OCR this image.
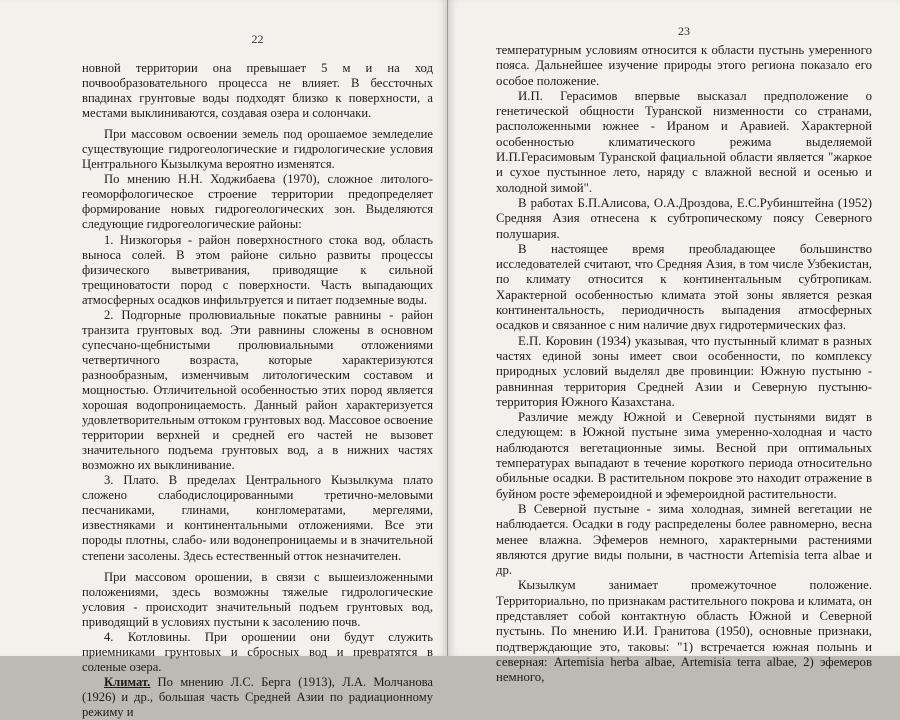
22

новной территории она превышает 5 м и на ход почвообразовательного процесса не влияет. В бессточных впадинах грунтовые воды подходят близко к поверхности, а местами выклиниваются, создавая озера и солончаки.

При массовом освоении земель под орошаемое земледелие существующие гидрогеологические и гидрологические условия Центрального Кызылкума вероятно изменятся.

По мнению Н.Н. Ходжибаева (1970), сложное литолого-геоморфологическое строение территории предопределяет формирование новых гидрогеологических зон. Выделяются следующие гидрогеологические районы:

1. Низкогорья - район поверхностного стока вод, область выноса солей. В этом районе сильно развиты процессы физического выветривания, приводящие к сильной трещиноватости пород с поверхности. Часть выпадающих атмосферных осадков инфильтруется и питает подземные воды.

2. Подгорные пролювиальные покатые равнины - район транзита грунтовых вод. Эти равнины сложены в основном супесчано-щебнистыми пролювиальными отложениями четвертичного возраста, которые характеризуются разнообразным, изменчивым литологическим составом и мощностью. Отличительной особенностью этих пород является хорошая водопроницаемость. Данный район характеризуется удовлетворительным оттоком грунтовых вод. Массовое освоение территории верхней и средней его частей не вызовет значительного подъема грунтовых вод, а в нижних частях возможно их выклинивание.

3. Плато. В пределах Центрального Кызылкума плато сложено слабодислоцированными третично-меловыми песчаниками, глинами, конгломератами, мергелями, известняками и континентальными отложениями. Все эти породы плотны, слабо- или водонепроницаемы и в значительной степени засолены. Здесь естественный отток незначителен.

При массовом орошении, в связи с вышеизложенными положениями, здесь возможны тяжелые гидрологические условия - происходит значительный подъем грунтовых вод, приводящий в условиях пустыни к засолению почв.

4. Котловины. При орошении они будут служить приемниками грунтовых и сбросных вод и превратятся в соленые озера.

Климат. По мнению Л.С. Берга (1913), Л.А. Молчанова (1926) и др., большая часть Средней Азии по радиационному режиму и

23

температурным условиям относится к области пустынь умеренного пояса. Дальнейшее изучение природы этого региона показало его особое положение.

И.П. Герасимов впервые высказал предположение о генетической общности Туранской низменности со странами, расположенными южнее - Ираном и Аравией. Характерной особенностью климатического режима выделяемой И.П.Герасимовым Туранской фациальной области является "жаркое и сухое пустынное лето, наряду с влажной весной и осенью и холодной зимой".

В работах Б.П.Алисова, О.А.Дроздова, Е.С.Рубинштейна (1952) Средняя Азия отнесена к субтропическому поясу Северного полушария.

В настоящее время преобладающее большинство исследователей считают, что Средняя Азия, в том числе Узбекистан, по климату относится к континентальным субтропикам. Характерной особенностью климата этой зоны является резкая континентальность, периодичность выпадения атмосферных осадков и связанное с ним наличие двух гидротермических фаз.

Е.П. Коровин (1934) указывая, что пустынный климат в разных частях единой зоны имеет свои особенности, по комплексу природных условий выделял две провинции: Южную пустыню - равнинная территория Средней Азии и Северную пустыню-территория Южного Казахстана.

Различие между Южной и Северной пустынями видят в следующем: в Южной пустыне зима умеренно-холодная и часто наблюдаются вегетационные зимы. Весной при оптимальных температурах выпадают в течение короткого периода относительно обильные осадки. В растительном покрове это находит отражение в буйном росте эфемероидной и эфемероидной растительности.

В Северной пустыне - зима холодная, зимней вегетации не наблюдается. Осадки в году распределены более равномерно, весна менее влажна. Эфемеров немного, характерными растениями являются другие виды полыни, в частности Artemisia terra albae и др.

Кызылкум занимает промежуточное положение. Территориально, по признакам растительного покрова и климата, он представляет собой контактную область Южной и Северной пустынь. По мнению И.И. Гранитова (1950), основные признаки, подтверждающие это, таковы: "1) встречается южная полынь и северная: Artemisia herba albae, Artemisia terra albae, 2) эфемеров немного,
